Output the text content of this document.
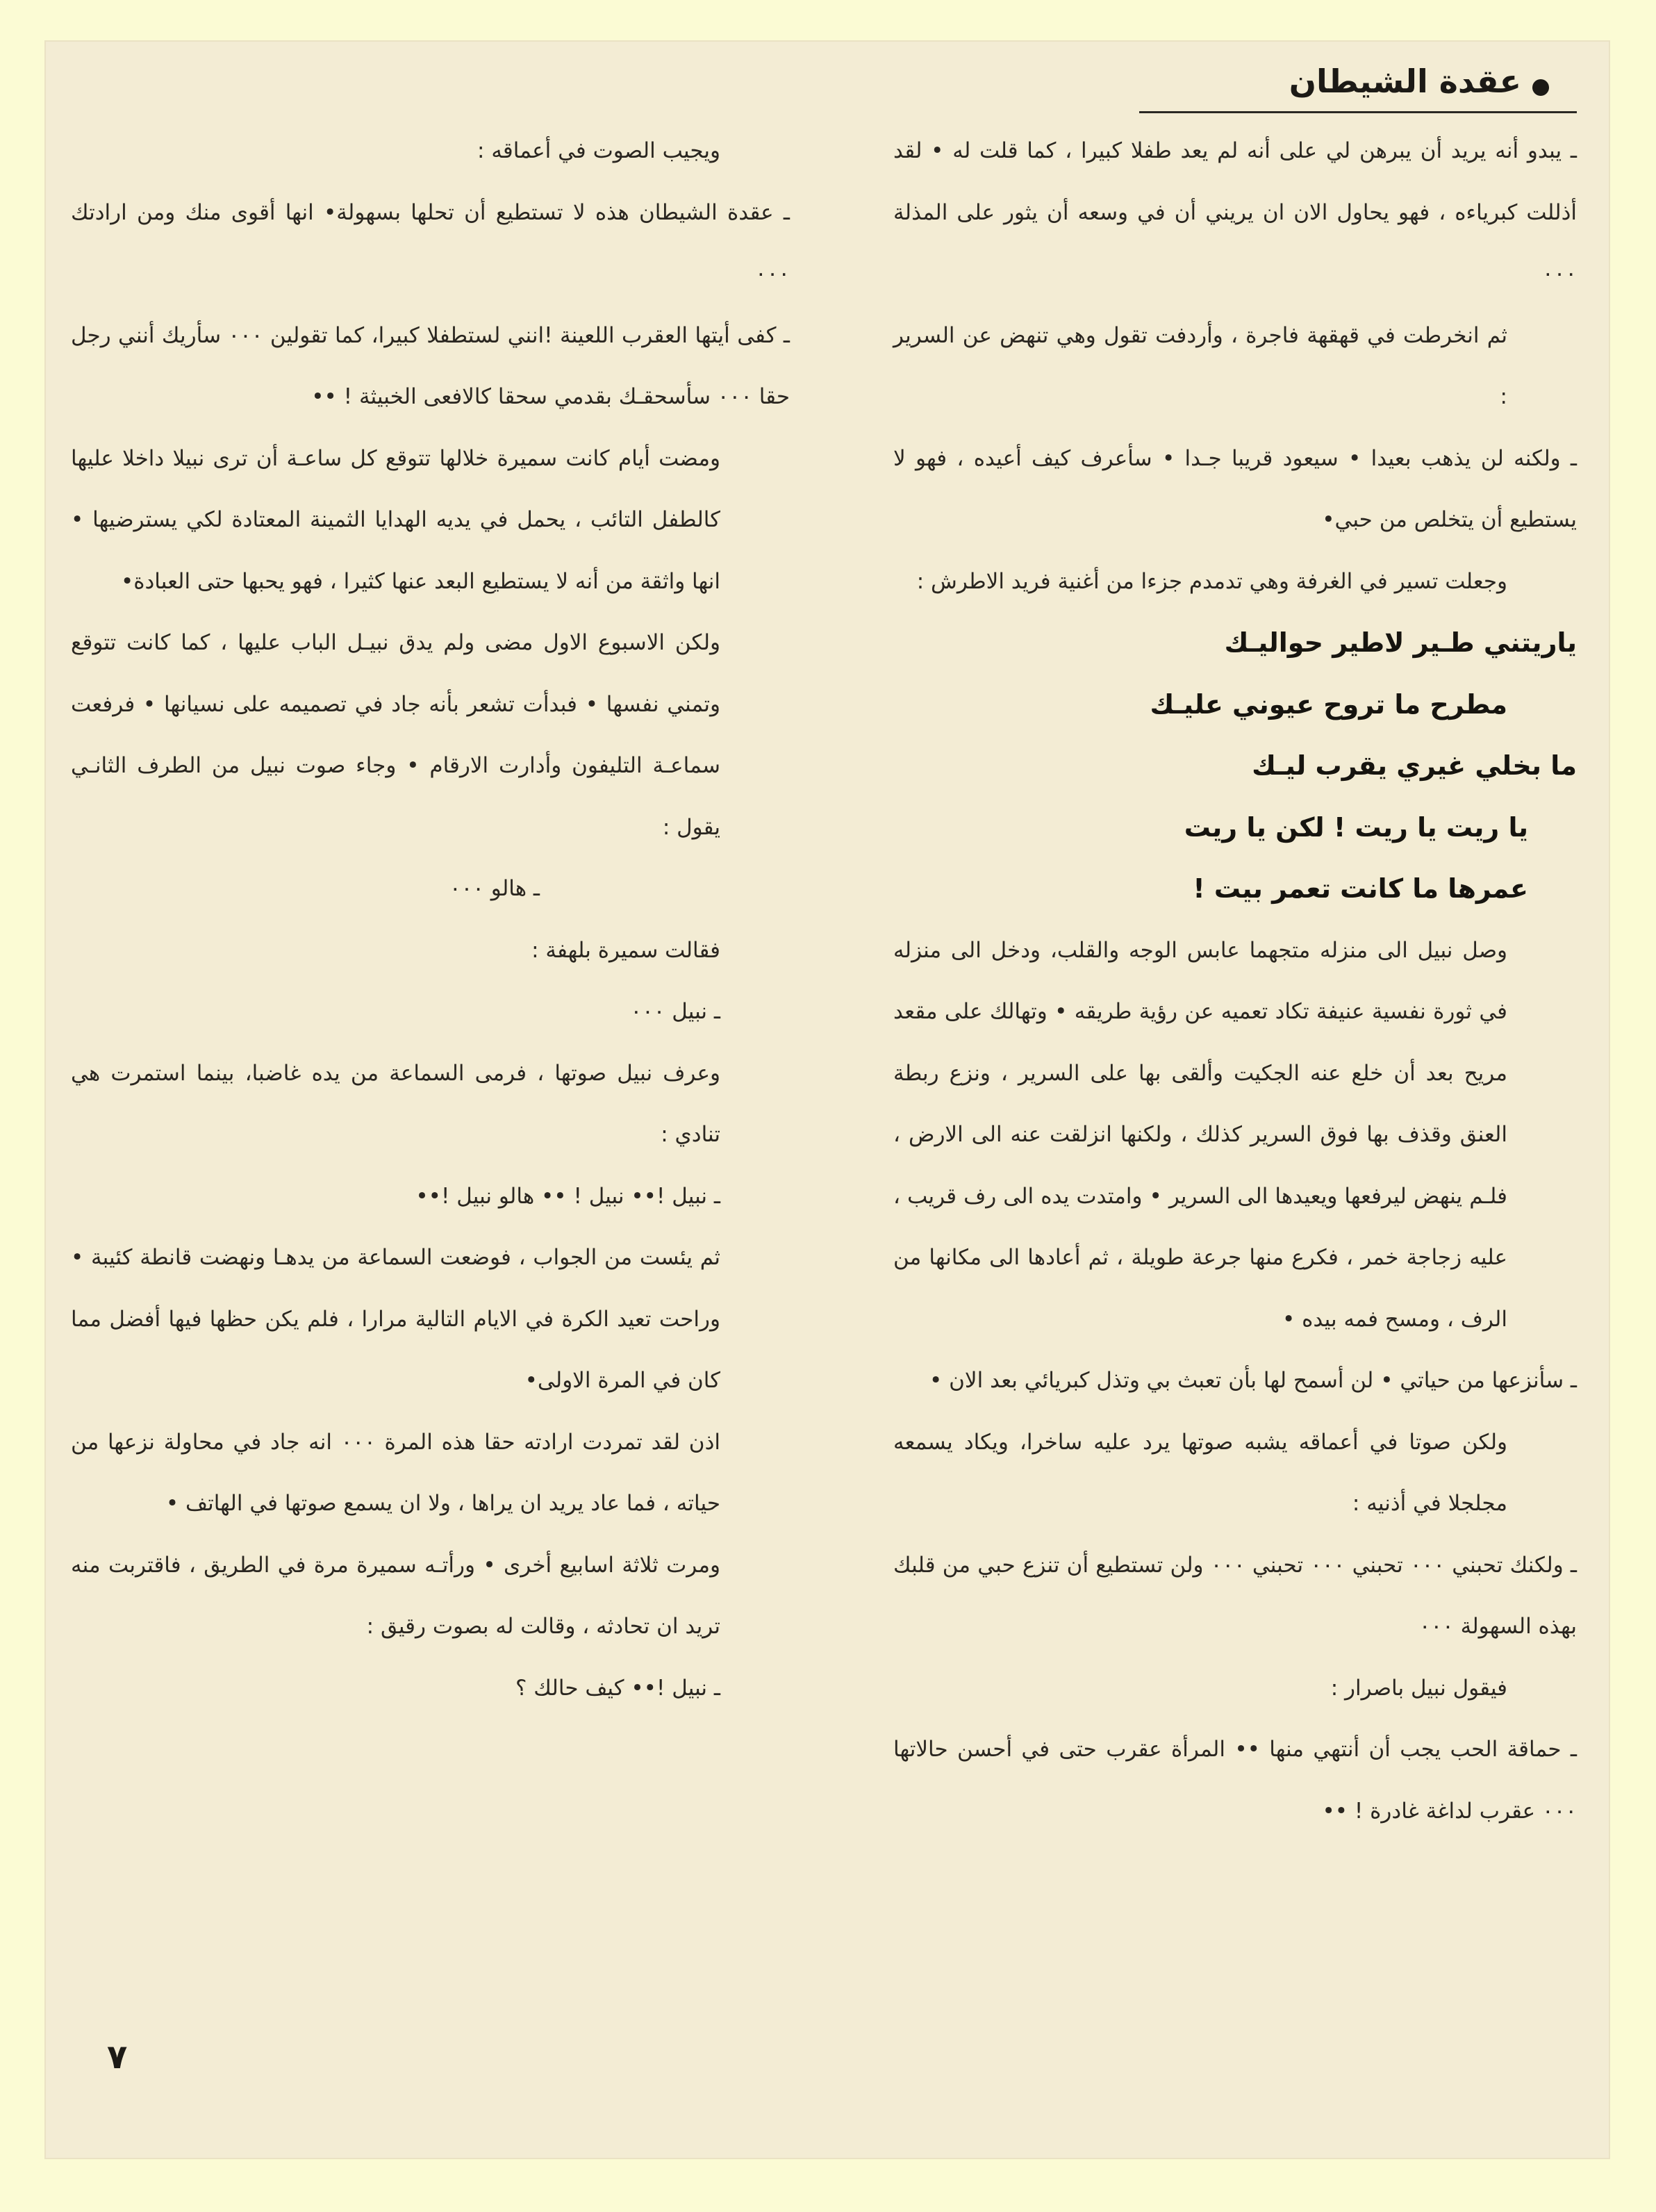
عقدة الشيطان

ـ يبدو أنه يريد أن يبرهن لي على أنه لم يعد طفلا كبيرا ، كما قلت له • لقد أذللت كبرياءه ، فهو يحاول الان ان يريني أن في وسعه أن يثور على المذلة ٠٠٠

ثم انخرطت في قهقهة فاجرة ، وأردفت تقول وهي تنهض عن السرير :

ـ ولكنه لن يذهب بعيدا • سيعود قريبا جـدا • سأعرف كيف أعيده ، فهو لا يستطيع أن يتخلص من حبي•

وجعلت تسير في الغرفة وهي تدمدم جزءا من أغنية فريد الاطرش :

ياريتني طـير لاطير حواليـك

مطرح ما تروح عيوني عليـك

ما بخلي غيري يقرب ليـك

يا ريت يا ريت ! لكن يا ريت

عمرها ما كانت تعمر بيت !

وصل نبيل الى منزله متجهما عابس الوجه والقلب، ودخل الى منزله في ثورة نفسية عنيفة تكاد تعميه عن رؤية طريقه • وتهالك على مقعد مريح بعد أن خلع عنه الجكيت وألقى بها على السرير ، ونزع ربطة العنق وقذف بها فوق السرير كذلك ، ولكنها انزلقت عنه الى الارض ، فلـم ينهض ليرفعها ويعيدها الى السرير • وامتدت يده الى رف قريب ، عليه زجاجة خمر ، فكرع منها جرعة طويلة ، ثم أعادها الى مكانها من الرف ، ومسح فمه بيده •

ـ سأنزعها من حياتي • لن أسمح لها بأن تعبث بي وتذل كبريائي بعد الان •

ولكن صوتا في أعماقه يشبه صوتها يرد عليه ساخرا، ويكاد يسمعه مجلجلا في أذنيه :

ـ ولكنك تحبني ٠٠٠ تحبني ٠٠٠ تحبني ٠٠٠ ولن تستطيع أن تنزع حبي من قلبك بهذه السهولة ٠٠٠

فيقول نبيل باصرار :

ـ حماقة الحب يجب أن أنتهي منها •• المرأة عقرب حتى في أحسن حالاتها ٠٠٠ عقرب لداغة غادرة ! ••

ويجيب الصوت في أعماقه :

ـ عقدة الشيطان هذه لا تستطيع أن تحلها بسهولة• انها أقوى منك ومن ارادتك ٠٠٠

ـ كفى أيتها العقرب اللعينة !انني لستطفلا كبيرا، كما تقولين ٠٠٠ سأريك أنني رجل حقا ٠٠٠ سأسحقـك بقدمي سحقا كالافعى الخبيثة ! ••

ومضت أيام كانت سميرة خلالها تتوقع كل ساعـة أن ترى نبيلا داخلا عليها كالطفل التائب ، يحمل في يديه الهدايا الثمينة المعتادة لكي يسترضيها • انها واثقة من أنه لا يستطيع البعد عنها كثيرا ، فهو يحبها حتى العبادة•

ولكن الاسبوع الاول مضى ولم يدق نبيـل الباب عليها ، كما كانت تتوقع وتمني نفسها • فبدأت تشعر بأنه جاد في تصميمه على نسيانها • فرفعت سماعـة التليفون وأدارت الارقام • وجاء صوت نبيل من الطرف الثانـي يقول :

ـ هالو ٠٠٠

فقالت سميرة بلهفة :

ـ نبيل ٠٠٠

وعرف نبيل صوتها ، فرمى السماعة من يده غاضبا، بينما استمرت هي تنادي :

ـ نبيل !•• نبيل ! •• هالو نبيل !••

ثم يئست من الجواب ، فوضعت السماعة من يدهـا ونهضت قانطة كئيبة • وراحت تعيد الكرة في الايام التالية مرارا ، فلم يكن حظها فيها أفضل مما كان في المرة الاولى•

اذن لقد تمردت ارادته حقا هذه المرة ٠٠٠ انه جاد في محاولة نزعها من حياته ، فما عاد يريد ان يراها ، ولا ان يسمع صوتها في الهاتف •

ومرت ثلاثة اسابيع أخرى • ورأتـه سميرة مرة في الطريق ، فاقتربت منه تريد ان تحادثه ، وقالت له بصوت رقيق :

ـ نبيل !•• كيف حالك ؟

٧
